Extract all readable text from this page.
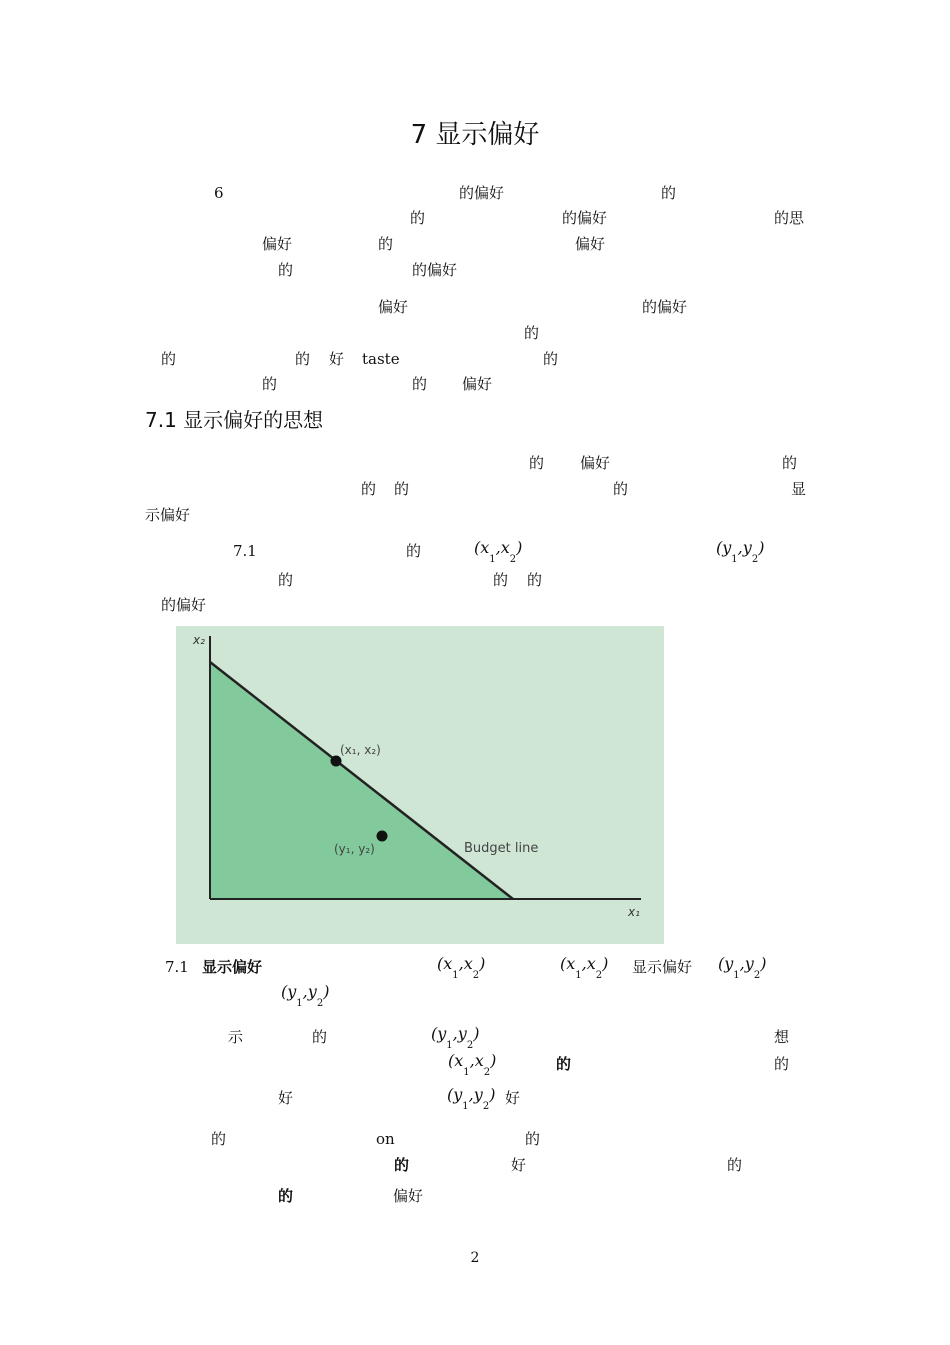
7 显示偏好
6	的偏好	的
的	的偏好	的思
偏好	的	偏好
的	的偏好
偏好	的偏好
的
的	的 好 taste	的
的	的 偏好
7.1 显示偏好的思想
的 偏好	的
的 的	的	显
示偏好
7.1	的	$(x_1,x_2)$	$(y_1,y_2)$
的	的 的
的偏好
x₂
x₁
(x₁, x₂)
(y₁, y₂)	Budget line
7.1 显示偏好	$(x_1,x_2)$	$(x_1,x_2)$ 显示偏好 $(y_1,y_2)$
$(y_1,y_2)$
示	的	$(y_1,y_2)$	想
$(x_1,x_2)$	的	的
好	$(y_1,y_2)$ 好
的	on	的
的	好	的
的	偏好
2
